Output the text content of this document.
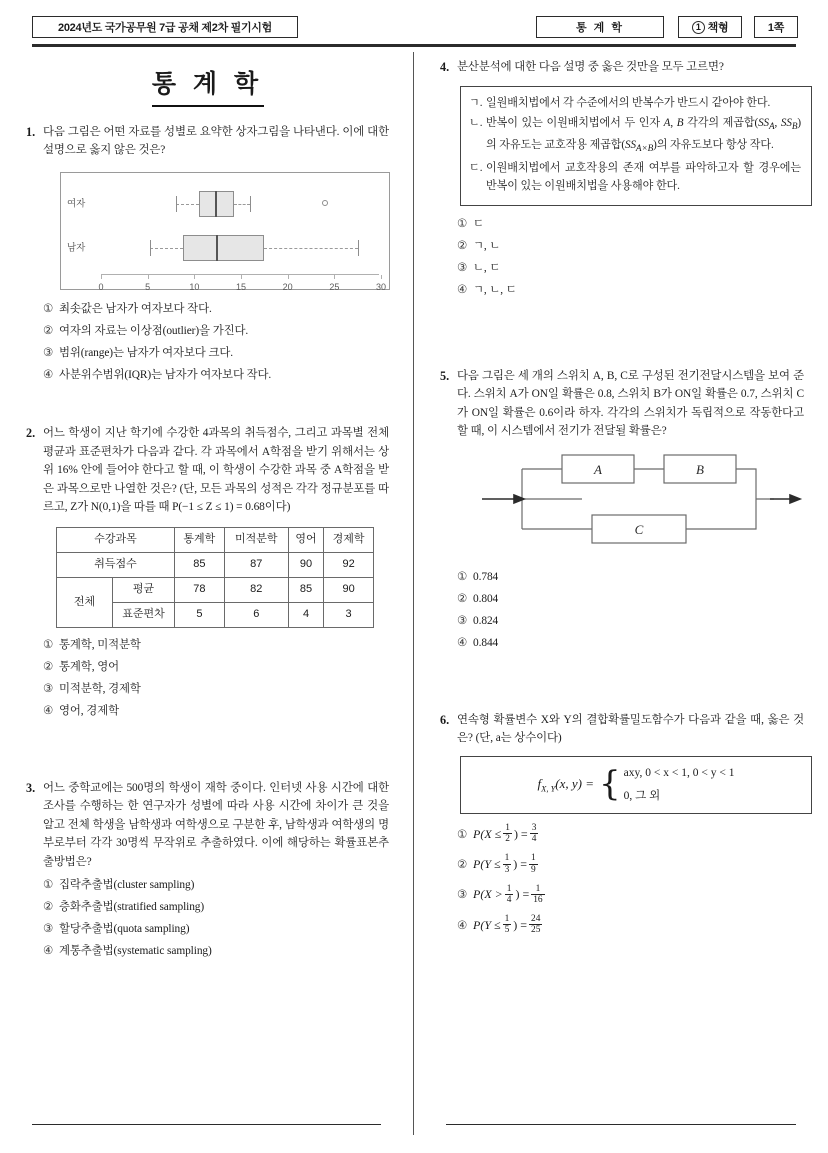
2024년도 국가공무원 7급 공채 제2차 필기시험	통 계 학	1 책형	1쪽
통 계 학
1. 다음 그림은 어떤 자료를 성별로 요약한 상자그림을 나타낸다. 이에 대한 설명으로 옳지 않은 것은?
여자
남자
0	5	10	15	20	25	30
① 최솟값은 남자가 여자보다 작다.
② 여자의 자료는 이상점(outlier)을 가진다.
③ 범위(range)는 남자가 여자보다 크다.
④ 사분위수범위(IQR)는 남자가 여자보다 작다.
2. 어느 학생이 지난 학기에 수강한 4과목의 취득점수, 그리고 과목별 전체 평균과 표준편차가 다음과 같다. 각 과목에서 A학점을 받기 위해서는 상위 16% 안에 들어야 한다고 할 때, 이 학생이 수강한 과목 중 A학점을 받은 과목으로만 나열한 것은? (단, 모든 과목의 성적은 각각 정규분포를 따르고, Z가 N(0,1)을 따를 때 P(−1 ≤ Z ≤ 1) = 0.68이다)
수강과목		통계학	미적분학	영어	경제학
취득점수		85	87	90	92
전체	평균	78	82	85	90
	표준편차	5	6	4	3
① 통계학, 미적분학
② 통계학, 영어
③ 미적분학, 경제학
④ 영어, 경제학
3. 어느 중학교에는 500명의 학생이 재학 중이다. 인터넷 사용 시간에 대한 조사를 수행하는 한 연구자가 성별에 따라 사용 시간에 차이가 큰 것을 알고 전체 학생을 남학생과 여학생으로 구분한 후, 남학생과 여학생의 명부로부터 각각 30명씩 무작위로 추출하였다. 이에 해당하는 확률표본추출방법은?
① 집락추출법(cluster sampling)
② 층화추출법(stratified sampling)
③ 할당추출법(quota sampling)
④ 계통추출법(systematic sampling)
4. 분산분석에 대한 다음 설명 중 옳은 것만을 모두 고르면?
ㄱ. 일원배치법에서 각 수준에서의 반복수가 반드시 같아야 한다.
ㄴ. 반복이 있는 이원배치법에서 두 인자 A, B 각각의 제곱합($SS_A$, $SS_B$)의 자유도는 교호작용 제곱합$(SS_{A\times B})$의 자유도보다 항상 작다.
ㄷ. 이원배치법에서 교호작용의 존재 여부를 파악하고자 할 경우에는 반복이 있는 이원배치법을 사용해야 한다.
① ㄷ
② ㄱ, ㄴ
③ ㄴ, ㄷ
④ ㄱ, ㄴ, ㄷ
5. 다음 그림은 세 개의 스위치 A, B, C로 구성된 전기전달시스템을 보여 준다. 스위치 A가 ON일 확률은 0.8, 스위치 B가 ON일 확률은 0.7, 스위치 C가 ON일 확률은 0.6이라 하자. 각각의 스위치가 독립적으로 작동한다고 할 때, 이 시스템에서 전기가 전달될 확률은?
A	B
C
① 0.784
② 0.804
③ 0.824
④ 0.844
6. 연속형 확률변수 X와 Y의 결합확률밀도함수가 다음과 같을 때, 옳은 것은? (단, a는 상수이다)
$f_{X, Y}(x$, y) = { axy, 0 < x < 1, 0 < y < 1
0, 그 외
① $P(X \le \frac{1}{2}$ ) = $\frac{3}{4}$
② $P(Y \le \frac{1}{3}$ ) = $\frac{1}{9}$
③ $P(X > \frac{1}{4}$ ) = $\frac{1}{16}$
④ $P(Y \le \frac{1}{5}$ ) = $\frac{24}{25}$
